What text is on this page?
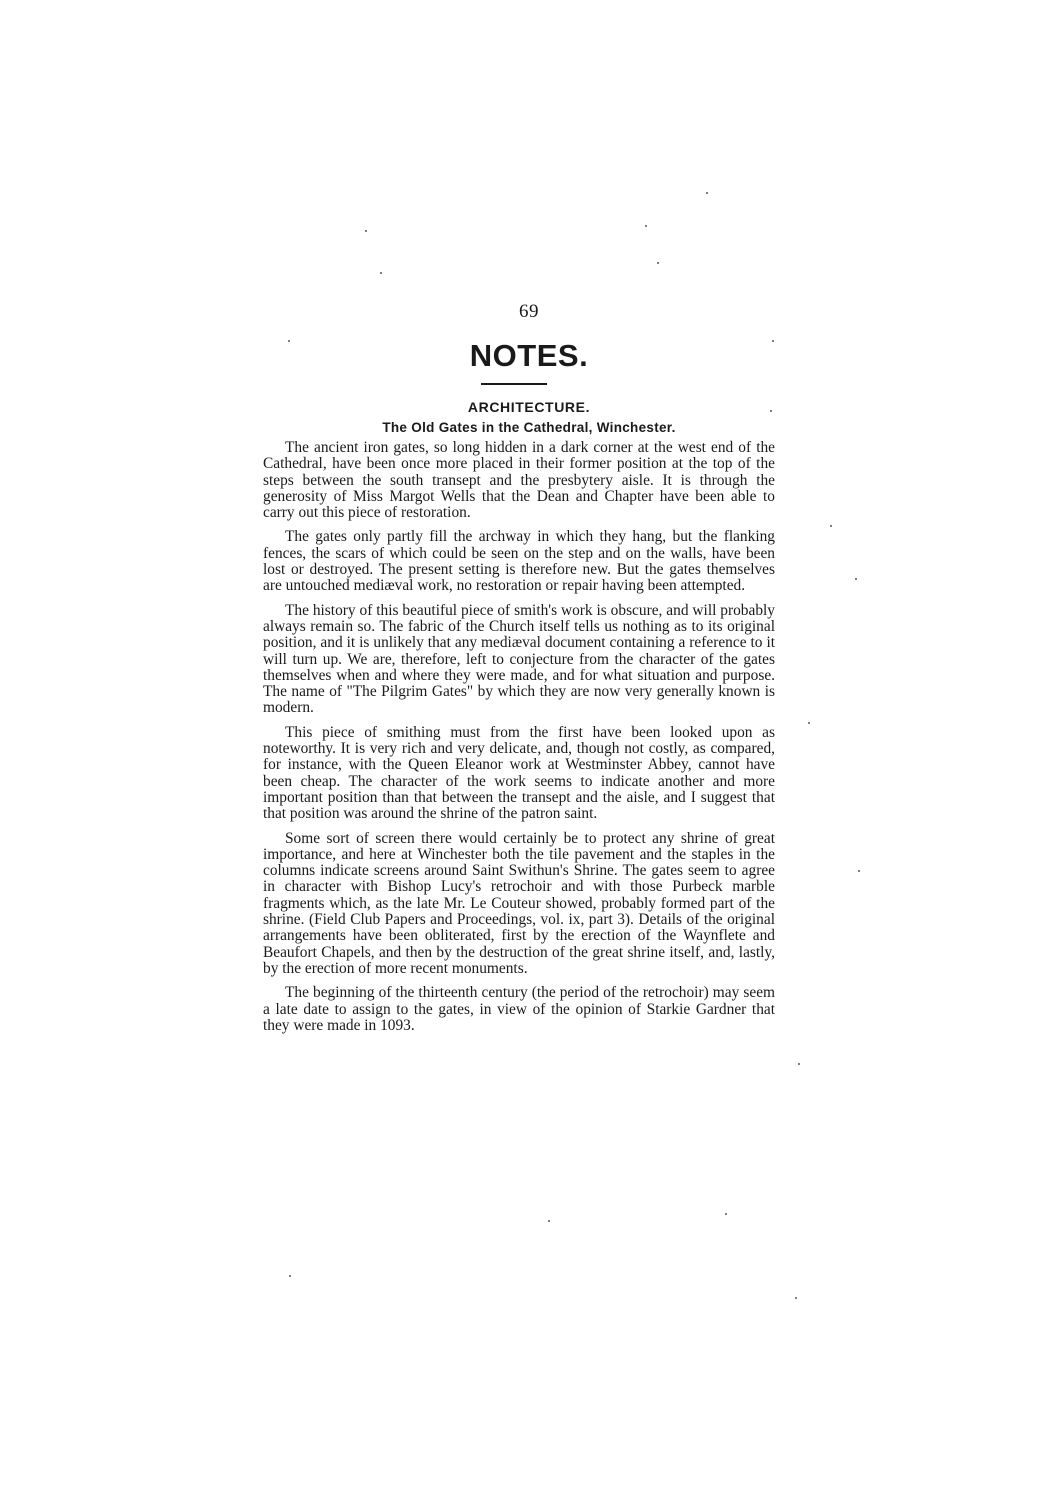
69
NOTES.
ARCHITECTURE.
The Old Gates in the Cathedral, Winchester.

The ancient iron gates, so long hidden in a dark corner at the west end of the Cathedral, have been once more placed in their former position at the top of the steps between the south transept and the presbytery aisle. It is through the generosity of Miss Margot Wells that the Dean and Chapter have been able to carry out this piece of restoration.

The gates only partly fill the archway in which they hang, but the flanking fences, the scars of which could be seen on the step and on the walls, have been lost or destroyed. The present setting is therefore new. But the gates themselves are untouched mediæval work, no restoration or repair having been attempted.

The history of this beautiful piece of smith's work is obscure, and will probably always remain so. The fabric of the Church itself tells us nothing as to its original position, and it is unlikely that any mediæval document containing a reference to it will turn up. We are, therefore, left to conjecture from the character of the gates themselves when and where they were made, and for what situation and purpose. The name of "The Pilgrim Gates" by which they are now very generally known is modern.

This piece of smithing must from the first have been looked upon as noteworthy. It is very rich and very delicate, and, though not costly, as compared, for instance, with the Queen Eleanor work at Westminster Abbey, cannot have been cheap. The character of the work seems to indicate another and more important position than that between the transept and the aisle, and I suggest that that position was around the shrine of the patron saint.

Some sort of screen there would certainly be to protect any shrine of great importance, and here at Winchester both the tile pavement and the staples in the columns indicate screens around Saint Swithun's Shrine. The gates seem to agree in character with Bishop Lucy's retrochoir and with those Purbeck marble fragments which, as the late Mr. Le Couteur showed, probably formed part of the shrine. (Field Club Papers and Proceedings, vol. ix, part 3). Details of the original arrangements have been obliterated, first by the erection of the Waynflete and Beaufort Chapels, and then by the destruction of the great shrine itself, and, lastly, by the erection of more recent monuments.

The beginning of the thirteenth century (the period of the retrochoir) may seem a late date to assign to the gates, in view of the opinion of Starkie Gardner that they were made in 1093.
